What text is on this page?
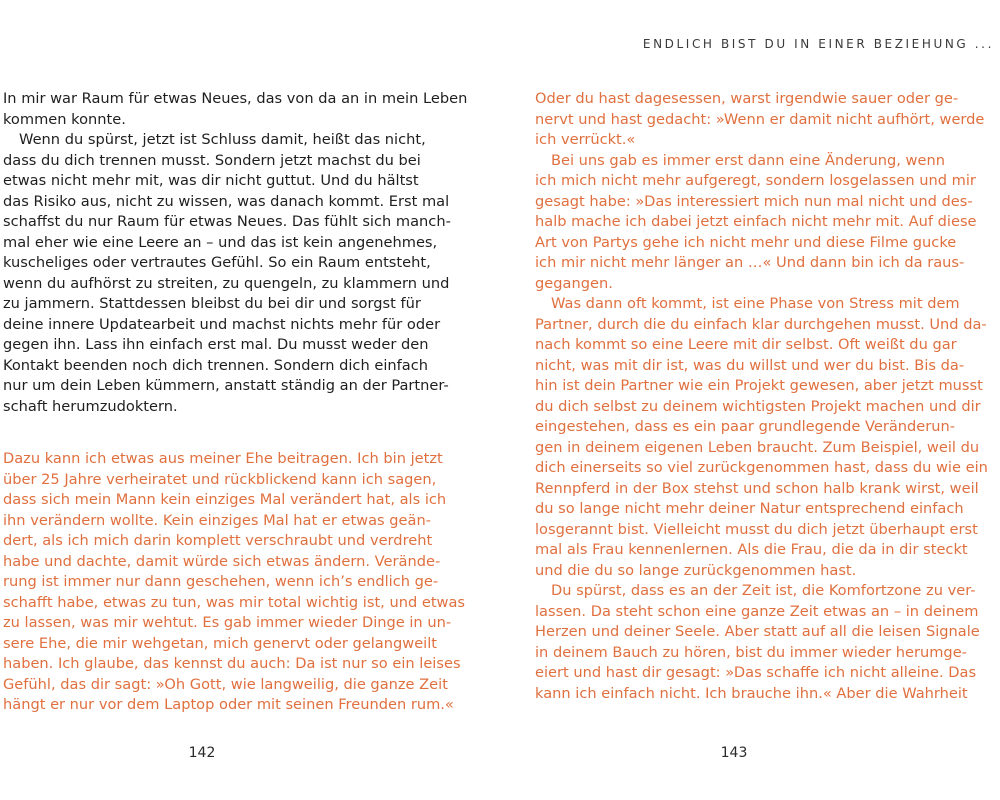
ENDLICH BIST DU IN EINER BEZIEHUNG ...
In mir war Raum für etwas Neues, das von da an in mein Leben
kommen konnte.
Wenn du spürst, jetzt ist Schluss damit, heißt das nicht,
dass du dich trennen musst. Sondern jetzt machst du bei
etwas nicht mehr mit, was dir nicht guttut. Und du hältst
das Risiko aus, nicht zu wissen, was danach kommt. Erst mal
schaffst du nur Raum für etwas Neues. Das fühlt sich manch-
mal eher wie eine Leere an – und das ist kein angenehmes,
kuscheliges oder vertrautes Gefühl. So ein Raum entsteht,
wenn du aufhörst zu streiten, zu quengeln, zu klammern und
zu jammern. Stattdessen bleibst du bei dir und sorgst für
deine innere Updatearbeit und machst nichts mehr für oder
gegen ihn. Lass ihn einfach erst mal. Du musst weder den
Kontakt beenden noch dich trennen. Sondern dich einfach
nur um dein Leben kümmern, anstatt ständig an der Partner-
schaft herumzudoktern.
Dazu kann ich etwas aus meiner Ehe beitragen. Ich bin jetzt
über 25 Jahre verheiratet und rückblickend kann ich sagen,
dass sich mein Mann kein einziges Mal verändert hat, als ich
ihn verändern wollte. Kein einziges Mal hat er etwas geän-
dert, als ich mich darin komplett verschraubt und verdreht
habe und dachte, damit würde sich etwas ändern. Verände-
rung ist immer nur dann geschehen, wenn ich’s endlich ge-
schafft habe, etwas zu tun, was mir total wichtig ist, und etwas
zu lassen, was mir wehtut. Es gab immer wieder Dinge in un-
sere Ehe, die mir wehgetan, mich genervt oder gelangweilt
haben. Ich glaube, das kennst du auch: Da ist nur so ein leises
Gefühl, das dir sagt: »Oh Gott, wie langweilig, die ganze Zeit
hängt er nur vor dem Laptop oder mit seinen Freunden rum.«
Oder du hast dagesessen, warst irgendwie sauer oder ge-
nervt und hast gedacht: »Wenn er damit nicht aufhört, werde
ich verrückt.«
Bei uns gab es immer erst dann eine Änderung, wenn
ich mich nicht mehr aufgeregt, sondern losgelassen und mir
gesagt habe: »Das interessiert mich nun mal nicht und des-
halb mache ich dabei jetzt einfach nicht mehr mit. Auf diese
Art von Partys gehe ich nicht mehr und diese Filme gucke
ich mir nicht mehr länger an …« Und dann bin ich da raus-
gegangen.
Was dann oft kommt, ist eine Phase von Stress mit dem
Partner, durch die du einfach klar durchgehen musst. Und da-
nach kommt so eine Leere mit dir selbst. Oft weißt du gar
nicht, was mit dir ist, was du willst und wer du bist. Bis da-
hin ist dein Partner wie ein Projekt gewesen, aber jetzt musst
du dich selbst zu deinem wichtigsten Projekt machen und dir
eingestehen, dass es ein paar grundlegende Veränderun-
gen in deinem eigenen Leben braucht. Zum Beispiel, weil du
dich einerseits so viel zurückgenommen hast, dass du wie ein
Rennpferd in der Box stehst und schon halb krank wirst, weil
du so lange nicht mehr deiner Natur entsprechend einfach
losgerannt bist. Vielleicht musst du dich jetzt überhaupt erst
mal als Frau kennenlernen. Als die Frau, die da in dir steckt
und die du so lange zurückgenommen hast.
Du spürst, dass es an der Zeit ist, die Komfortzone zu ver-
lassen. Da steht schon eine ganze Zeit etwas an – in deinem
Herzen und deiner Seele. Aber statt auf all die leisen Signale
in deinem Bauch zu hören, bist du immer wieder herumge-
eiert und hast dir gesagt: »Das schaffe ich nicht alleine. Das
kann ich einfach nicht. Ich brauche ihn.« Aber die Wahrheit
142	143
